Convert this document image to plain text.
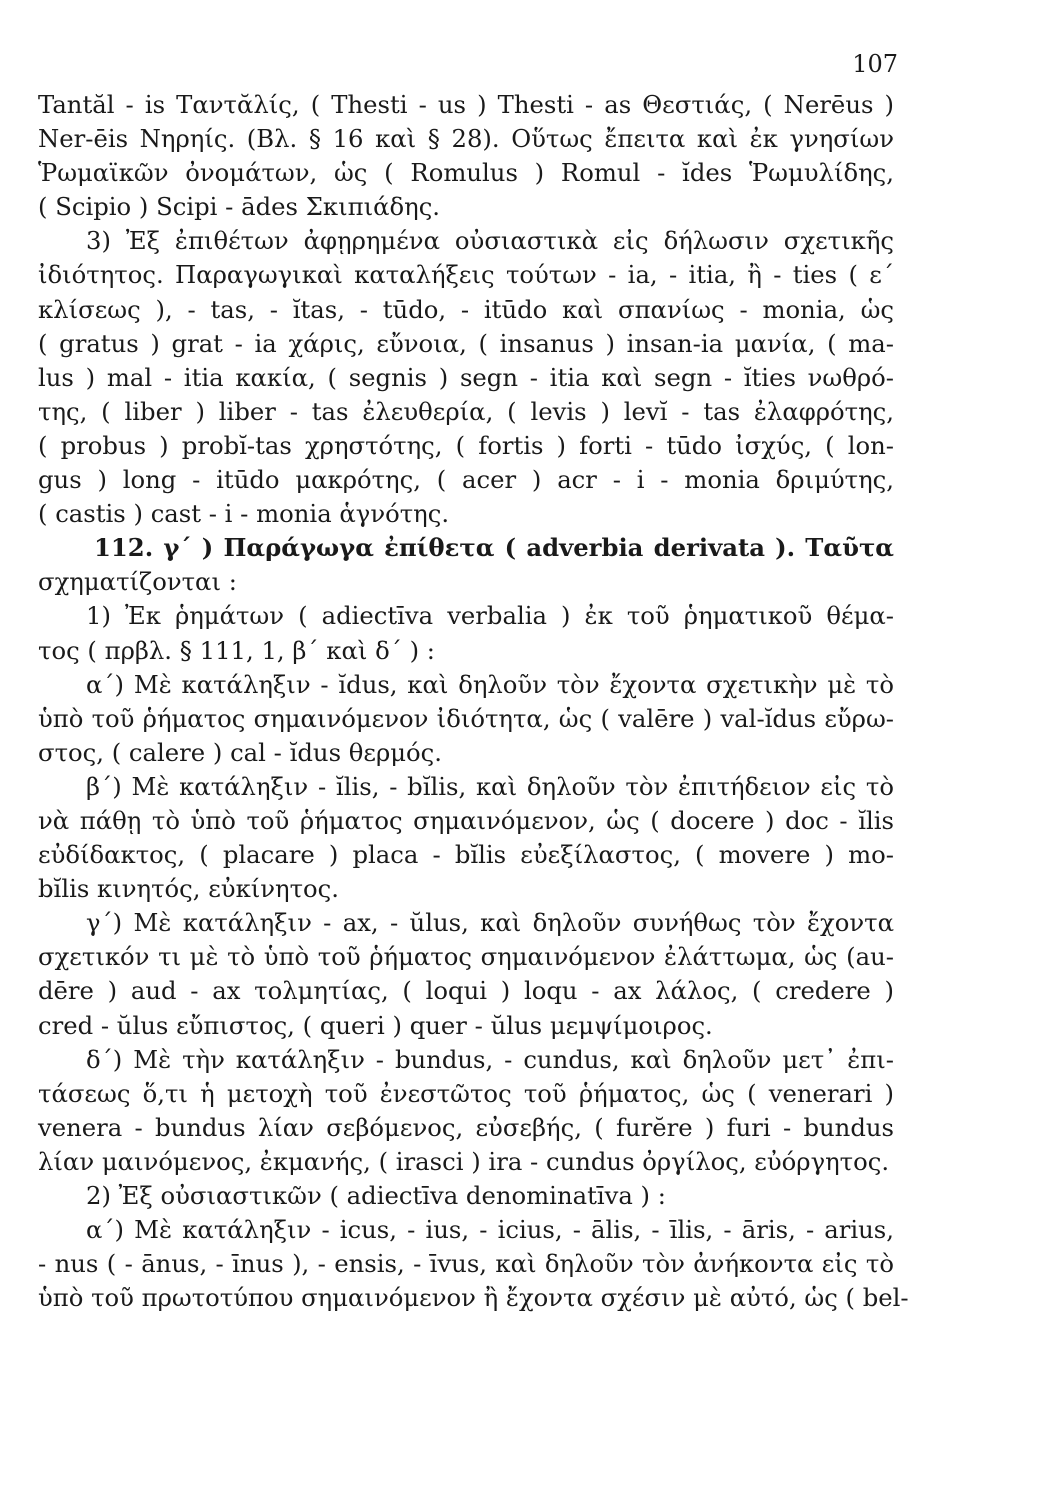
107
Tantăl - is Ταντᾰλίς, ( Thesti - us ) Thesti - as Θεστιάς, ( Nerēus )
Ner-ēis Νηρηίς. (Βλ. § 16 καὶ § 28). Οὕτως ἔπειτα καὶ ἐκ γνησίων
Ῥωμαϊκῶν ὀνομάτων, ὡς ( Romulus ) Romul - ĭdes Ῥωμυλίδης,
( Scipio ) Scipi - ādes Σκιπιάδης.
3) Ἐξ ἐπιθέτων ἀφῃρημένα οὐσιαστικὰ εἰς δήλωσιν σχετικῆς
ἰδιότητος. Παραγωγικαὶ καταλήξεις τούτων - ia, - itia, ἢ - ties ( ε´
κλίσεως ), - tas, - ĭtas, - tūdo, - itūdo καὶ σπανίως - monia, ὡς
( gratus ) grat - ia χάρις, εὔνοια, ( insanus ) insan-ia μανία, ( ma-
lus ) mal - itia κακία, ( segnis ) segn - itia καὶ segn - ĭties νωθρό-
της, ( liber ) liber - tas ἐλευθερία, ( levis ) levĭ - tas ἐλαφρότης,
( probus ) probĭ-tas χρηστότης, ( fortis ) forti - tūdo ἰσχύς, ( lon-
gus ) long - itūdo μακρότης, ( acer ) acr - i - monia δριμύτης,
( castis ) cast - i - monia ἁγνότης.
112. γ´ ) Παράγωγα ἐπίθετα ( adverbia derivata ). Ταῦτα
σχηματίζονται :
1) Ἐκ ῥημάτων ( adiectīva verbalia ) ἐκ τοῦ ῥηματικοῦ θέμα-
τος ( πρβλ. § 111, 1, β´ καὶ δ´ ) :
α´) Μὲ κατάληξιν - ĭdus, καὶ δηλοῦν τὸν ἔχοντα σχετικὴν μὲ τὸ
ὑπὸ τοῦ ῥήματος σημαινόμενον ἰδιότητα, ὡς ( valēre ) val-ĭdus εὔρω-
στος, ( calere ) cal - ĭdus θερμός.
β´) Μὲ κατάληξιν - ĭlis, - bĭlis, καὶ δηλοῦν τὸν ἐπιτήδειον εἰς τὸ
νὰ πάθῃ τὸ ὑπὸ τοῦ ῥήματος σημαινόμενον, ὡς ( docere ) doc - ĭlis
εὐδίδακτος, ( placare ) placa - bĭlis εὐεξίλαστος, ( movere ) mo-
bĭlis κινητός, εὐκίνητος.
γ´) Μὲ κατάληξιν - ax, - ŭlus, καὶ δηλοῦν συνήθως τὸν ἔχοντα
σχετικόν τι μὲ τὸ ὑπὸ τοῦ ῥήματος σημαινόμενον ἐλάττωμα, ὡς (au-
dēre ) aud - ax τολμητίας, ( loqui ) loqu - ax λάλος, ( credere )
cred - ŭlus εὔπιστος, ( queri ) quer - ŭlus μεμψίμοιρος.
δ´) Μὲ τὴν κατάληξιν - bundus, - cundus, καὶ δηλοῦν μετ᾿ ἐπι-
τάσεως ὅ,τι ἡ μετοχὴ τοῦ ἐνεστῶτος τοῦ ῥήματος, ὡς ( venerari )
venera - bundus λίαν σεβόμενος, εὐσεβής, ( furĕre ) furi - bundus
λίαν μαινόμενος, ἐκμανής, ( irasci ) ira - cundus ὀργίλος, εὐόργητος.
2) Ἐξ οὐσιαστικῶν ( adiectīva denominatīva ) :
α´) Μὲ κατάληξιν - icus, - ius, - icius, - ālis, - īlis, - āris, - arius,
- nus ( - ānus, - īnus ), - ensis, - īvus, καὶ δηλοῦν τὸν ἀνήκοντα εἰς τὸ
ὑπὸ τοῦ πρωτοτύπου σημαινόμενον ἢ ἔχοντα σχέσιν μὲ αὐτό, ὡς ( bel-
